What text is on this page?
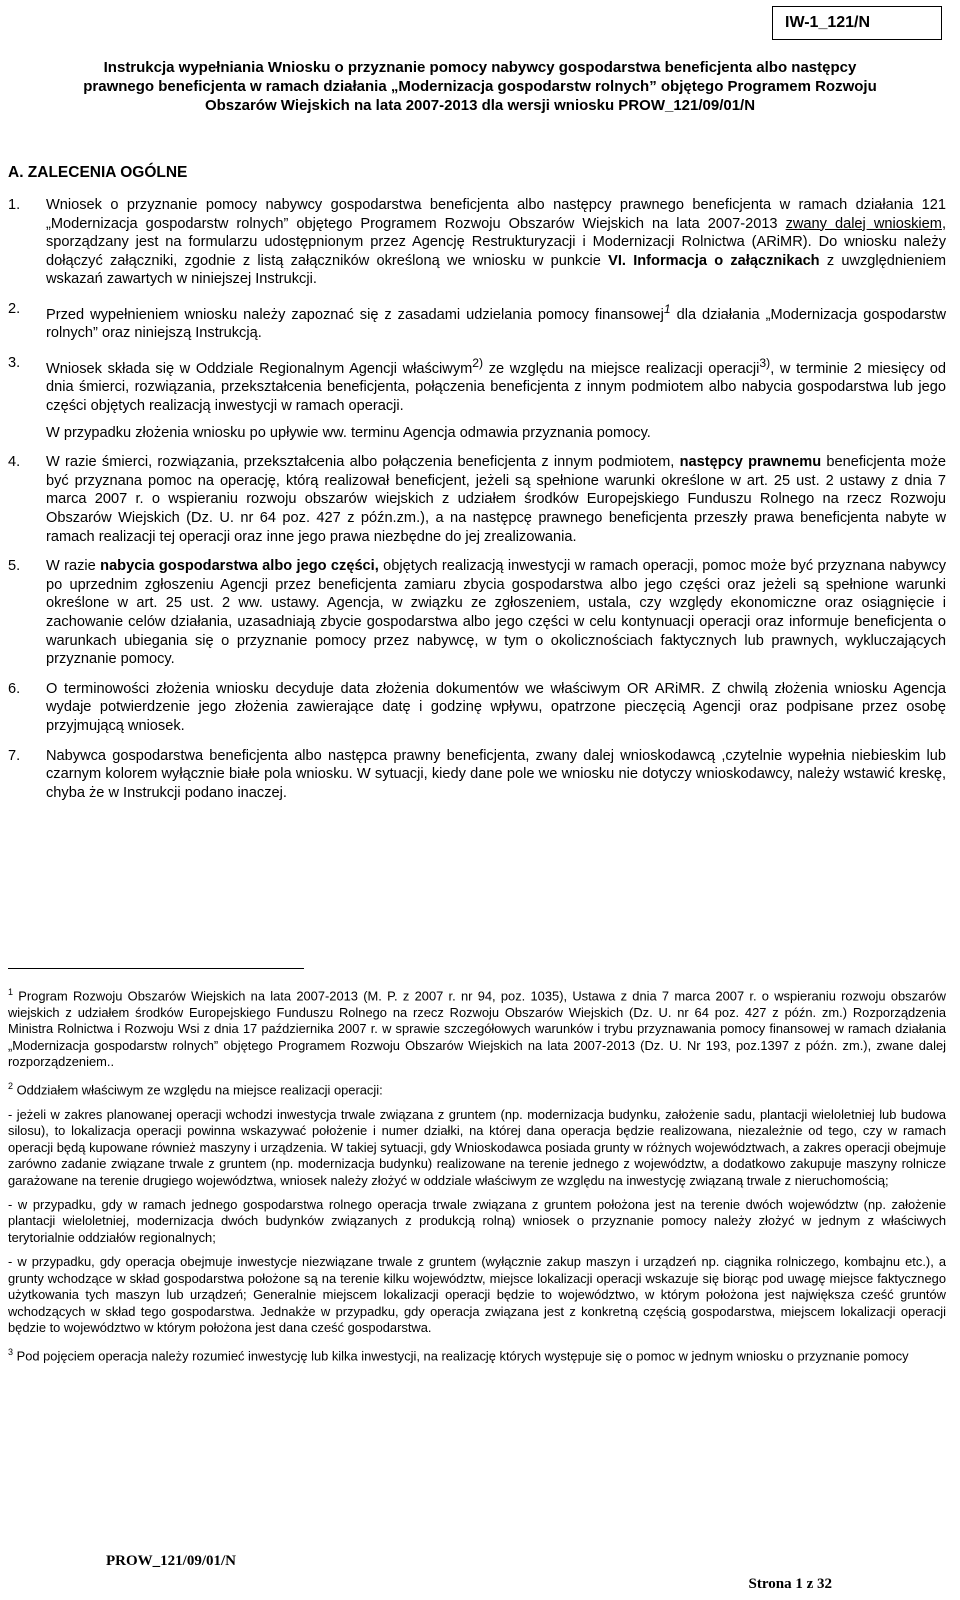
IW-1_121/N
Instrukcja wypełniania Wniosku o przyznanie pomocy nabywcy gospodarstwa beneficjenta albo następcy
prawnego beneficjenta w ramach działania „Modernizacja gospodarstw rolnych” objętego Programem Rozwoju
Obszarów Wiejskich na lata 2007-2013 dla wersji wniosku PROW_121/09/01/N
A. ZALECENIA OGÓLNE
1.	Wniosek o przyznanie pomocy nabywcy gospodarstwa beneficjenta albo następcy prawnego beneficjenta w ramach działania 121 „Modernizacja gospodarstw rolnych” objętego Programem Rozwoju Obszarów Wiejskich na lata 2007-2013 zwany dalej wnioskiem, sporządzany jest na formularzu udostępnionym przez Agencję Restrukturyzacji i Modernizacji Rolnictwa (ARiMR). Do wniosku należy dołączyć załączniki, zgodnie z listą załączników określoną we wniosku w punkcie VI. Informacja o załącznikach z uwzględnieniem wskazań zawartych w niniejszej Instrukcji.

2.	Przed wypełnieniem wniosku należy zapoznać się z zasadami udzielania pomocy finansowej$^1$ dla działania „Modernizacja gospodarstw rolnych” oraz niniejszą Instrukcją.

3.	Wniosek składa się w Oddziale Regionalnym Agencji właściwym$^{2)}$ ze względu na miejsce realizacji operacji$^{3)}$, w terminie 2 miesięcy od dnia śmierci, rozwiązania, przekształcenia beneficjenta, połączenia beneficjenta z innym podmiotem albo nabycia gospodarstwa lub jego części objętych realizacją inwestycji w ramach operacji.

W przypadku złożenia wniosku po upływie ww. terminu Agencja odmawia przyznania pomocy.

4.	W razie śmierci, rozwiązania, przekształcenia albo połączenia beneficjenta z innym podmiotem, następcy prawnemu beneficjenta może być przyznana pomoc na operację, którą realizował beneficjent, jeżeli są spełnione warunki określone w art. 25 ust. 2 ustawy z dnia 7 marca 2007 r. o wspieraniu rozwoju obszarów wiejskich z udziałem środków Europejskiego Funduszu Rolnego na rzecz Rozwoju Obszarów Wiejskich (Dz. U. nr 64 poz. 427 z późn.zm.), a na następcę prawnego beneficjenta przeszły prawa beneficjenta nabyte w ramach realizacji tej operacji oraz inne jego prawa niezbędne do jej zrealizowania.

5.	W razie nabycia gospodarstwa albo jego części, objętych realizacją inwestycji w ramach operacji, pomoc może być przyznana nabywcy po uprzednim zgłoszeniu Agencji przez beneficjenta zamiaru zbycia gospodarstwa albo jego części oraz jeżeli są spełnione warunki określone w art. 25 ust. 2 ww. ustawy. Agencja, w związku ze zgłoszeniem, ustala, czy względy ekonomiczne oraz osiągnięcie i zachowanie celów działania, uzasadniają zbycie gospodarstwa albo jego części w celu kontynuacji operacji oraz informuje beneficjenta o warunkach ubiegania się o przyznanie pomocy przez nabywcę, w tym o okolicznościach faktycznych lub prawnych, wykluczających przyznanie pomocy.

6.	O terminowości złożenia wniosku decyduje data złożenia dokumentów we właściwym OR ARiMR. Z chwilą złożenia wniosku Agencja wydaje potwierdzenie jego złożenia zawierające datę i godzinę wpływu, opatrzone pieczęcią Agencji oraz podpisane przez osobę przyjmującą wniosek.

7.	Nabywca gospodarstwa beneficjenta albo następca prawny beneficjenta, zwany dalej wnioskodawcą ,czytelnie wypełnia niebieskim lub czarnym kolorem wyłącznie białe pola wniosku. W sytuacji, kiedy dane pole we wniosku nie dotyczy wnioskodawcy, należy wstawić kreskę, chyba że w Instrukcji podano inaczej.

$^1$ Program Rozwoju Obszarów Wiejskich na lata 2007-2013 (M. P. z 2007 r. nr 94, poz. 1035), Ustawa z dnia 7 marca 2007 r. o wspieraniu rozwoju obszarów wiejskich z udziałem środków Europejskiego Funduszu Rolnego na rzecz Rozwoju Obszarów Wiejskich (Dz. U. nr 64 poz. 427 z późn. zm.) Rozporządzenia Ministra Rolnictwa i Rozwoju Wsi z dnia 17 października 2007 r. w sprawie szczegółowych warunków i trybu przyznawania pomocy finansowej w ramach działania „Modernizacja gospodarstw rolnych” objętego Programem Rozwoju Obszarów Wiejskich na lata 2007-2013 (Dz. U. Nr 193, poz.1397 z późn. zm.), zwane dalej rozporządzeniem..

$^2$ Oddziałem właściwym ze względu na miejsce realizacji operacji:

- jeżeli w zakres planowanej operacji wchodzi inwestycja trwale związana z gruntem (np. modernizacja budynku, założenie sadu, plantacji wieloletniej lub budowa silosu), to lokalizacja operacji powinna wskazywać położenie i numer działki, na której dana operacja będzie realizowana, niezależnie od tego, czy w ramach operacji będą kupowane również maszyny i urządzenia. W takiej sytuacji, gdy Wnioskodawca posiada grunty w różnych województwach, a zakres operacji obejmuje zarówno zadanie związane trwale z gruntem (np. modernizacja budynku) realizowane na terenie jednego z województw, a dodatkowo zakupuje maszyny rolnicze garażowane na terenie drugiego województwa, wniosek należy złożyć w oddziale właściwym ze względu na inwestycję związaną trwale z nieruchomością;

- w przypadku, gdy w ramach jednego gospodarstwa rolnego operacja trwale związana z gruntem położona jest na terenie dwóch województw (np. założenie plantacji wieloletniej, modernizacja dwóch budynków związanych z produkcją rolną) wniosek o przyznanie pomocy należy złożyć w jednym z właściwych terytorialnie oddziałów regionalnych;

- w przypadku, gdy operacja obejmuje inwestycje niezwiązane trwale z gruntem (wyłącznie zakup maszyn i urządzeń np. ciągnika rolniczego, kombajnu etc.), a grunty wchodzące w skład gospodarstwa położone są na terenie kilku województw, miejsce lokalizacji operacji wskazuje się biorąc pod uwagę miejsce faktycznego użytkowania tych maszyn lub urządzeń; Generalnie miejscem lokalizacji operacji będzie to województwo, w którym położona jest największa cześć gruntów wchodzących w skład tego gospodarstwa. Jednakże w przypadku, gdy operacja związana jest z konkretną częścią gospodarstwa, miejscem lokalizacji operacji będzie to województwo w którym położona jest dana cześć gospodarstwa.

$^3$ Pod pojęciem operacja należy rozumieć inwestycję lub kilka inwestycji, na realizację których występuje się o pomoc w jednym wniosku o przyznanie pomocy

PROW_121/09/01/N
Strona 1 z 32
